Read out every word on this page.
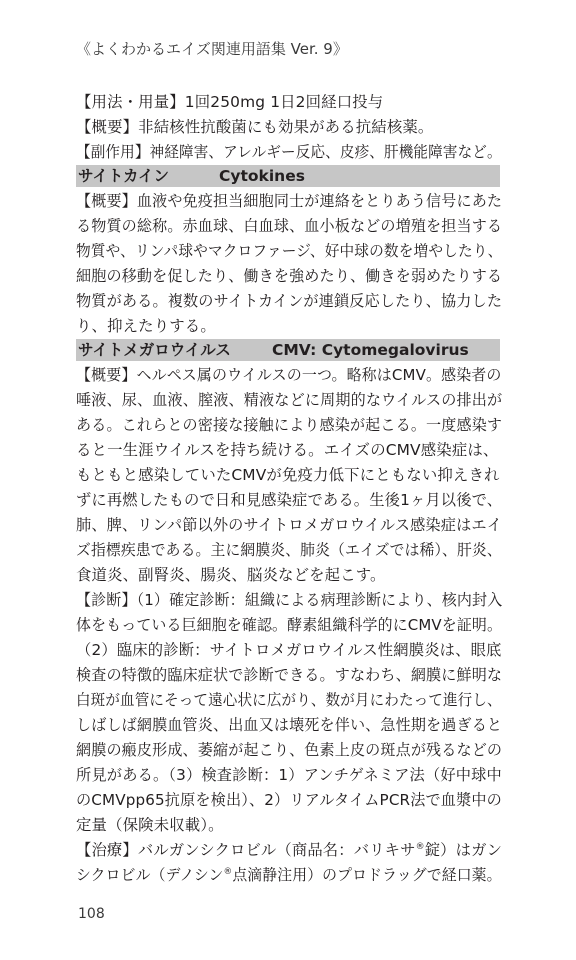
《よくわかるエイズ関連用語集 Ver. 9》
【用法・用量】1回250mg 1日2回経口投与
【概要】非結核性抗酸菌にも効果がある抗結核薬。
【副作用】神経障害、アレルギー反応、皮疹、肝機能障害など。
サイトカイン	Cytokines
【概要】血液や免疫担当細胞同士が連絡をとりあう信号にあた
る物質の総称。赤血球、白血球、血小板などの増殖を担当する
物質や、リンパ球やマクロファージ、好中球の数を増やしたり、
細胞の移動を促したり、働きを強めたり、働きを弱めたりする
物質がある。複数のサイトカインが連鎖反応したり、協力した
り、抑えたりする。
サイトメガロウイルス	CMV: Cytomegalovirus
【概要】ヘルペス属のウイルスの一つ。略称はCMV。感染者の
唾液、尿、血液、膣液、精液などに周期的なウイルスの排出が
ある。これらとの密接な接触により感染が起こる。一度感染す
ると一生涯ウイルスを持ち続ける。エイズのCMV感染症は、
もともと感染していたCMVが免疫力低下にともない抑えきれ
ずに再燃したもので日和見感染症である。生後1ヶ月以後で、
肺、脾、リンパ節以外のサイトロメガロウイルス感染症はエイ
ズ指標疾患である。主に網膜炎、肺炎（エイズでは稀）、肝炎、
食道炎、副腎炎、腸炎、脳炎などを起こす。
【診断】（1）確定診断：組織による病理診断により、核内封入
体をもっている巨細胞を確認。酵素組織科学的にCMVを証明。
（2）臨床的診断：サイトロメガロウイルス性網膜炎は、眼底
検査の特徴的臨床症状で診断できる。すなわち、網膜に鮮明な
白斑が血管にそって遠心状に広がり、数が月にわたって進行し、
しばしば網膜血管炎、出血又は壊死を伴い、急性期を過ぎると
網膜の瘢皮形成、萎縮が起こり、色素上皮の斑点が残るなどの
所見がある。（3）検査診断：1）アンチゲネミア法（好中球中
のCMVpp65抗原を検出）、2）リアルタイムPCR法で血漿中の
定量（保険未収載）。
【治療】バルガンシクロビル（商品名：バリキサ®錠）はガン
シクロビル（デノシン®点滴静注用）のプロドラッグで経口薬。
108
